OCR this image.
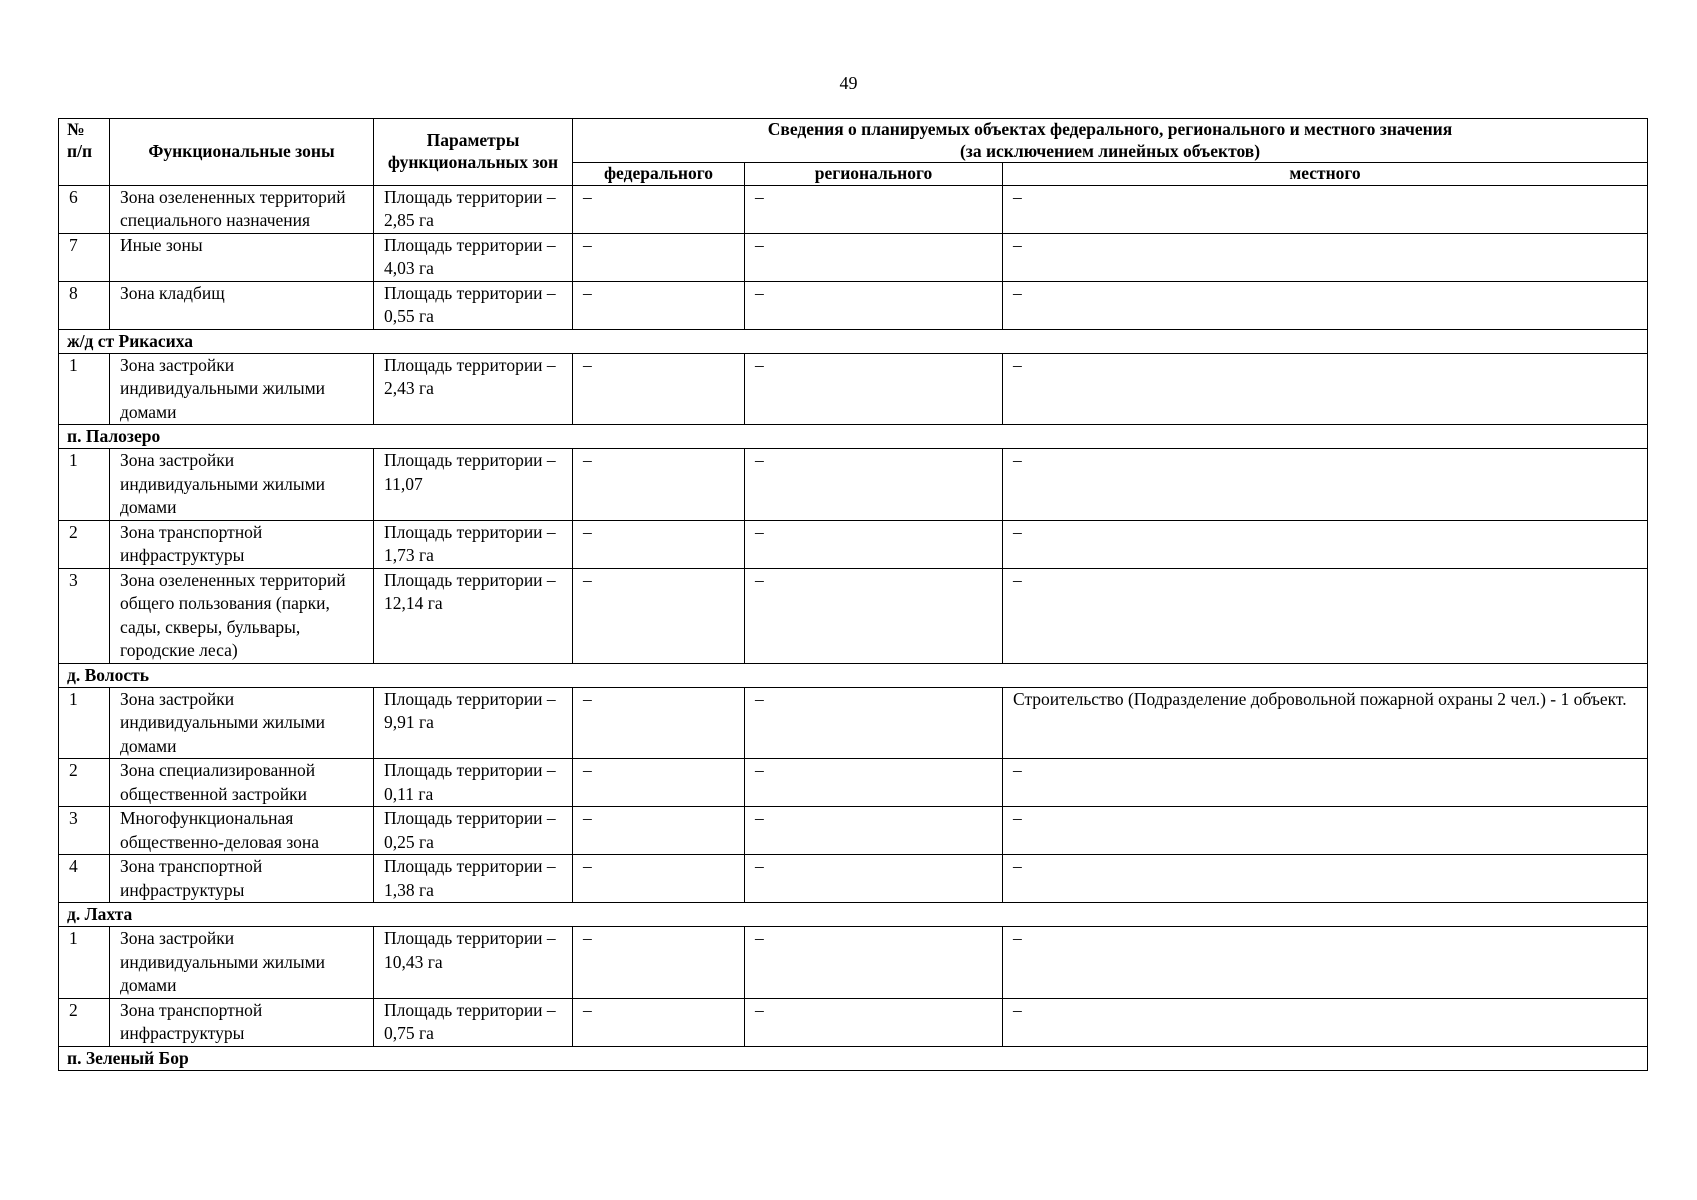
49
№
п/п	Функциональные зоны	Параметры функциональных зон	Сведения о планируемых объектах федерального, регионального и местного значения
(за исключением линейных объектов)		
			федерального	регионального	местного
6	Зона озелененных территорий специального назначения	Площадь территории – 2,85 га	–	–	–
7	Иные зоны	Площадь территории – 4,03 га	–	–	–
8	Зона кладбищ	Площадь территории – 0,55 га	–	–	–
ж/д ст Рикасиха					
1	Зона застройки индивидуальными жилыми домами	Площадь территории – 2,43 га	–	–	–
п. Палозеро					
1	Зона застройки индивидуальными жилыми домами	Площадь территории – 11,07	–	–	–
2	Зона транспортной инфраструктуры	Площадь территории – 1,73 га	–	–	–
3	Зона озелененных территорий общего пользования (парки, сады, скверы, бульвары, городские леса)	Площадь территории – 12,14 га	–	–	–
д. Волость					
1	Зона застройки индивидуальными жилыми домами	Площадь территории – 9,91 га	–	–	Строительство (Подразделение добровольной пожарной охраны 2 чел.) - 1 объект.
2	Зона специализированной общественной застройки	Площадь территории – 0,11 га	–	–	–
3	Многофункциональная общественно-деловая зона	Площадь территории –0,25 га	–	–	–
4	Зона транспортной инфраструктуры	Площадь территории – 1,38 га	–	–	–
д. Лахта					
1	Зона застройки индивидуальными жилыми домами	Площадь территории – 10,43 га	–	–	–
2	Зона транспортной инфраструктуры	Площадь территории – 0,75 га	–	–	–
п. Зеленый Бор					
